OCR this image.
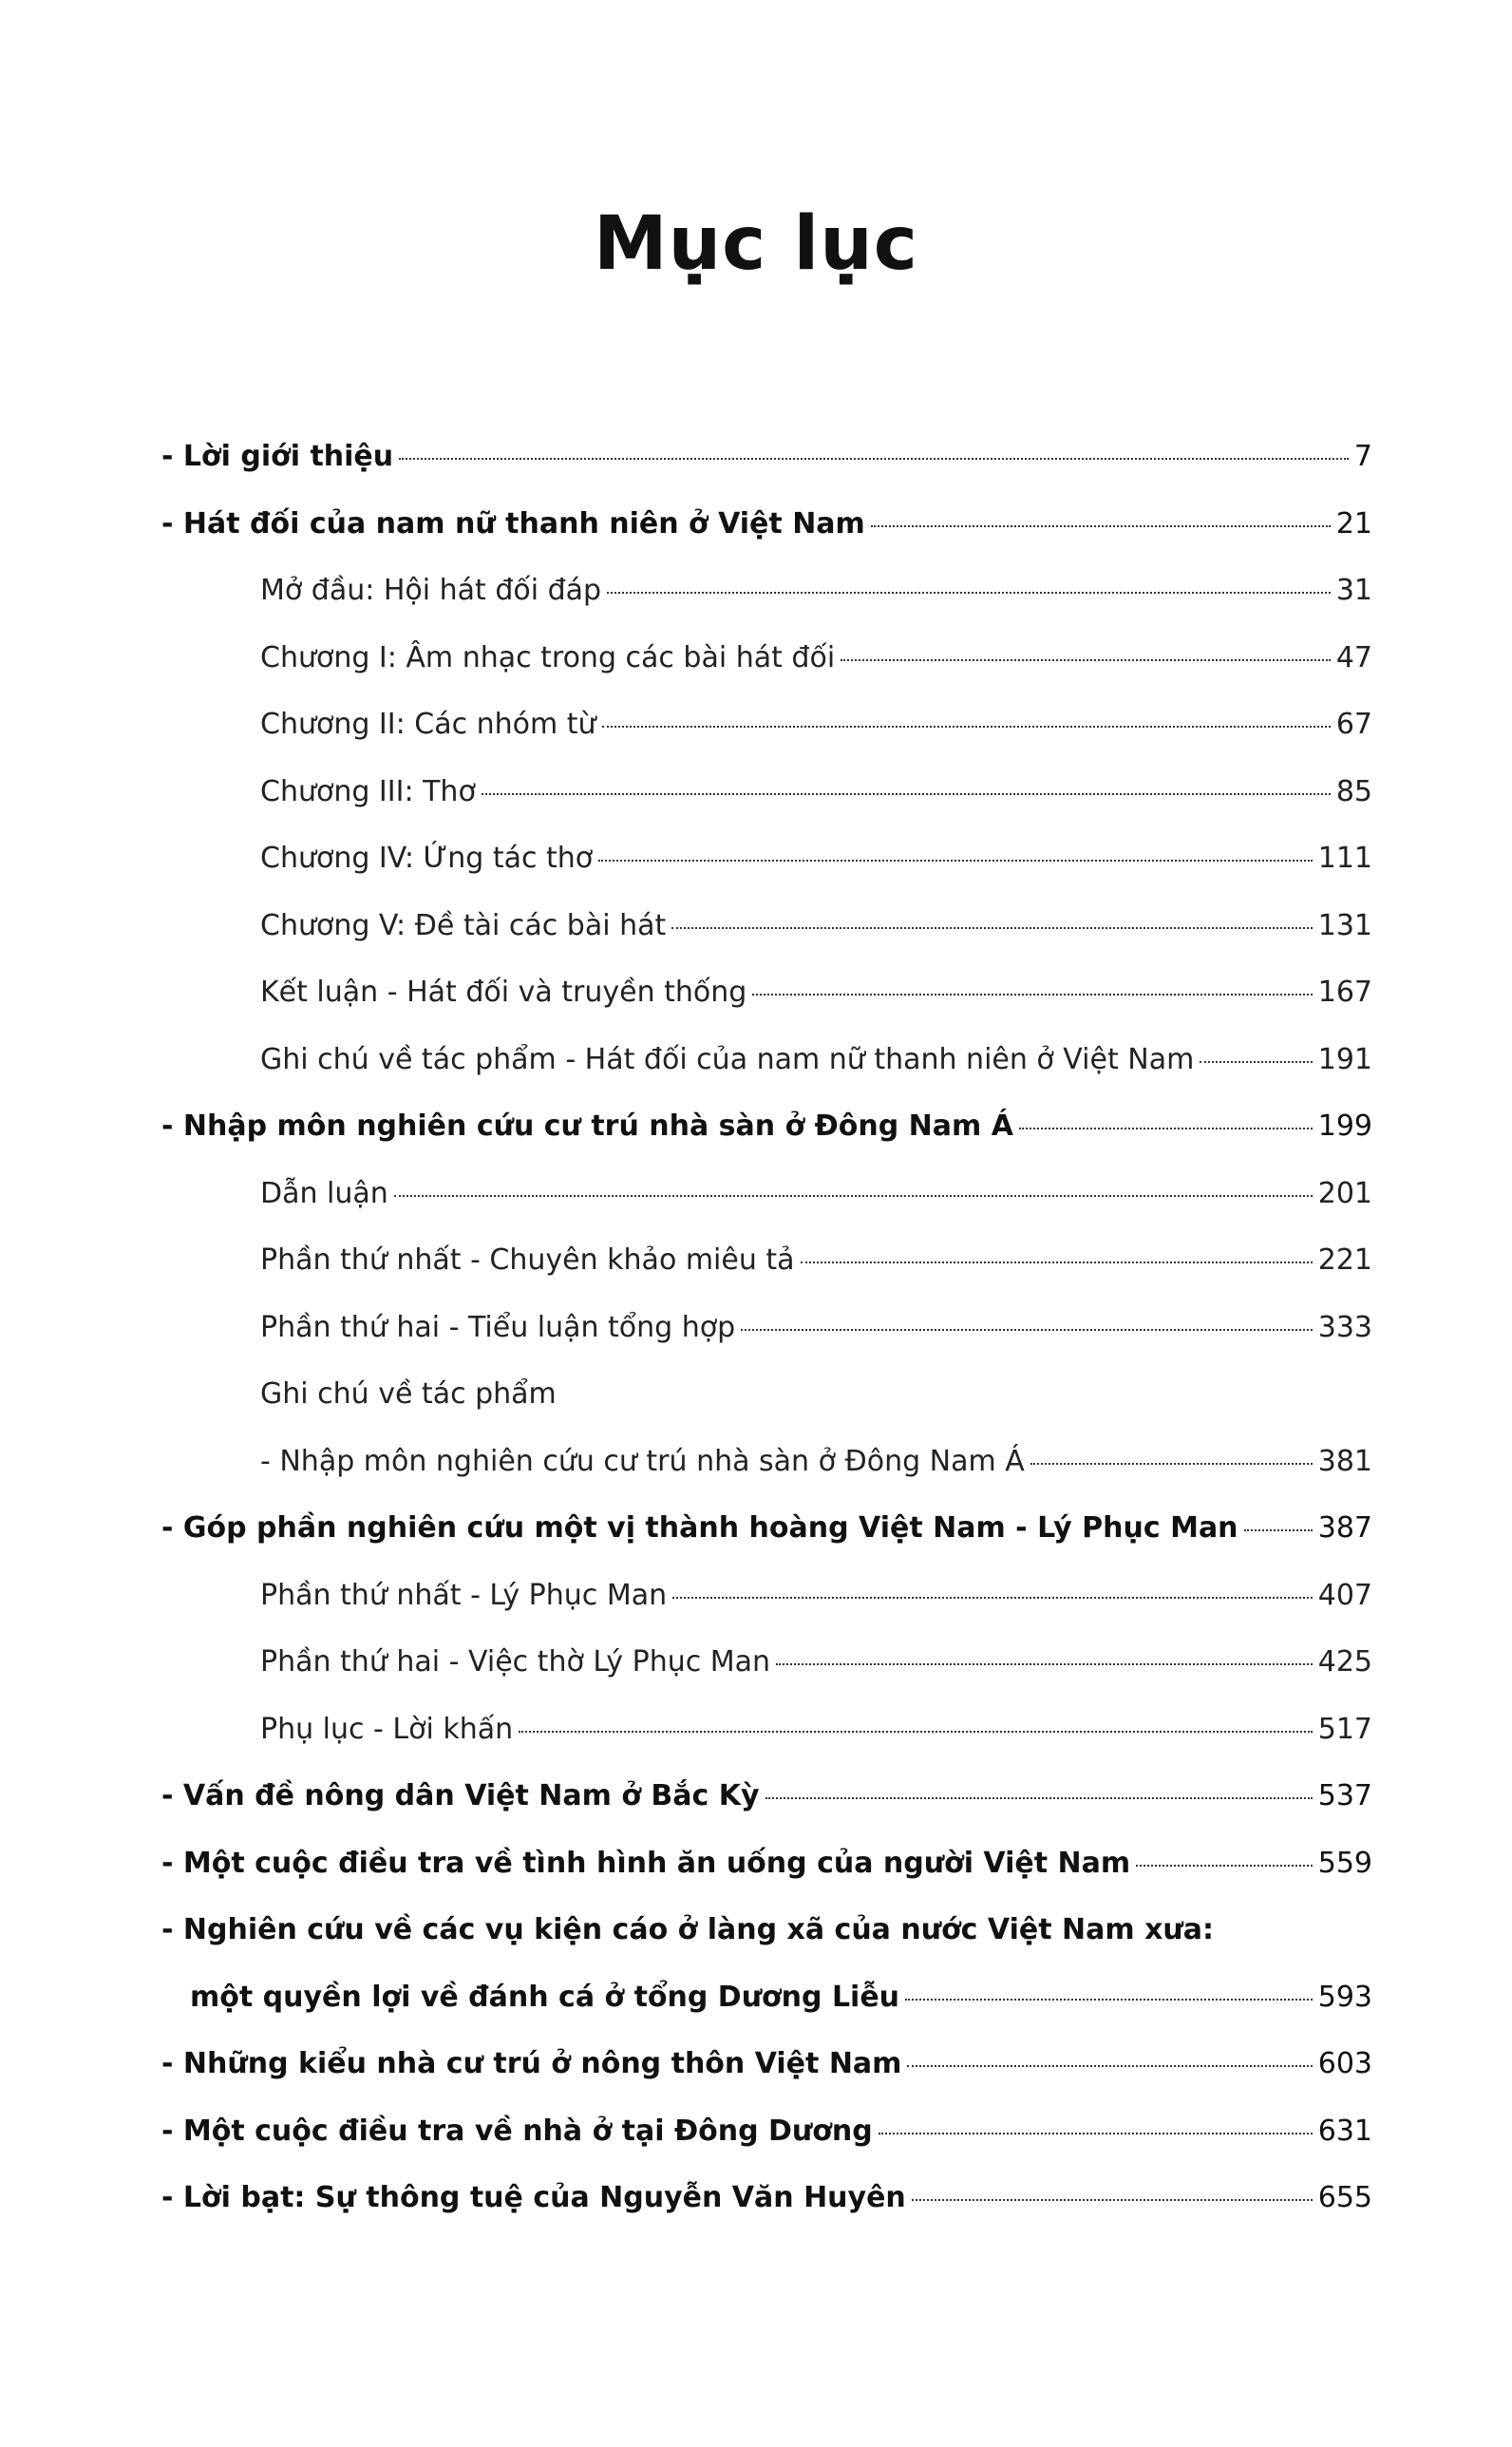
Mục lục
- Lời giới thiệu	7
- Hát đối của nam nữ thanh niên ở Việt Nam	21
Mở đầu: Hội hát đối đáp	31
Chương I: Âm nhạc trong các bài hát đối	47
Chương II: Các nhóm từ	67
Chương III: Thơ	85
Chương IV: Ứng tác thơ	111
Chương V: Đề tài các bài hát	131
Kết luận - Hát đối và truyền thống	167
Ghi chú về tác phẩm - Hát đối của nam nữ thanh niên ở Việt Nam	191
- Nhập môn nghiên cứu cư trú nhà sàn ở Đông Nam Á	199
Dẫn luận	201
Phần thứ nhất - Chuyên khảo miêu tả	221
Phần thứ hai - Tiểu luận tổng hợp	333
Ghi chú về tác phẩm
- Nhập môn nghiên cứu cư trú nhà sàn ở Đông Nam Á	381
- Góp phần nghiên cứu một vị thành hoàng Việt Nam - Lý Phục Man	387
Phần thứ nhất - Lý Phục Man	407
Phần thứ hai - Việc thờ Lý Phục Man	425
Phụ lục - Lời khấn	517
- Vấn đề nông dân Việt Nam ở Bắc Kỳ	537
- Một cuộc điều tra về tình hình ăn uống của người Việt Nam	559
- Nghiên cứu về các vụ kiện cáo ở làng xã của nước Việt Nam xưa:
một quyền lợi về đánh cá ở tổng Dương Liễu	593
- Những kiểu nhà cư trú ở nông thôn Việt Nam	603
- Một cuộc điều tra về nhà ở tại Đông Dương	631
- Lời bạt: Sự thông tuệ của Nguyễn Văn Huyên	655
